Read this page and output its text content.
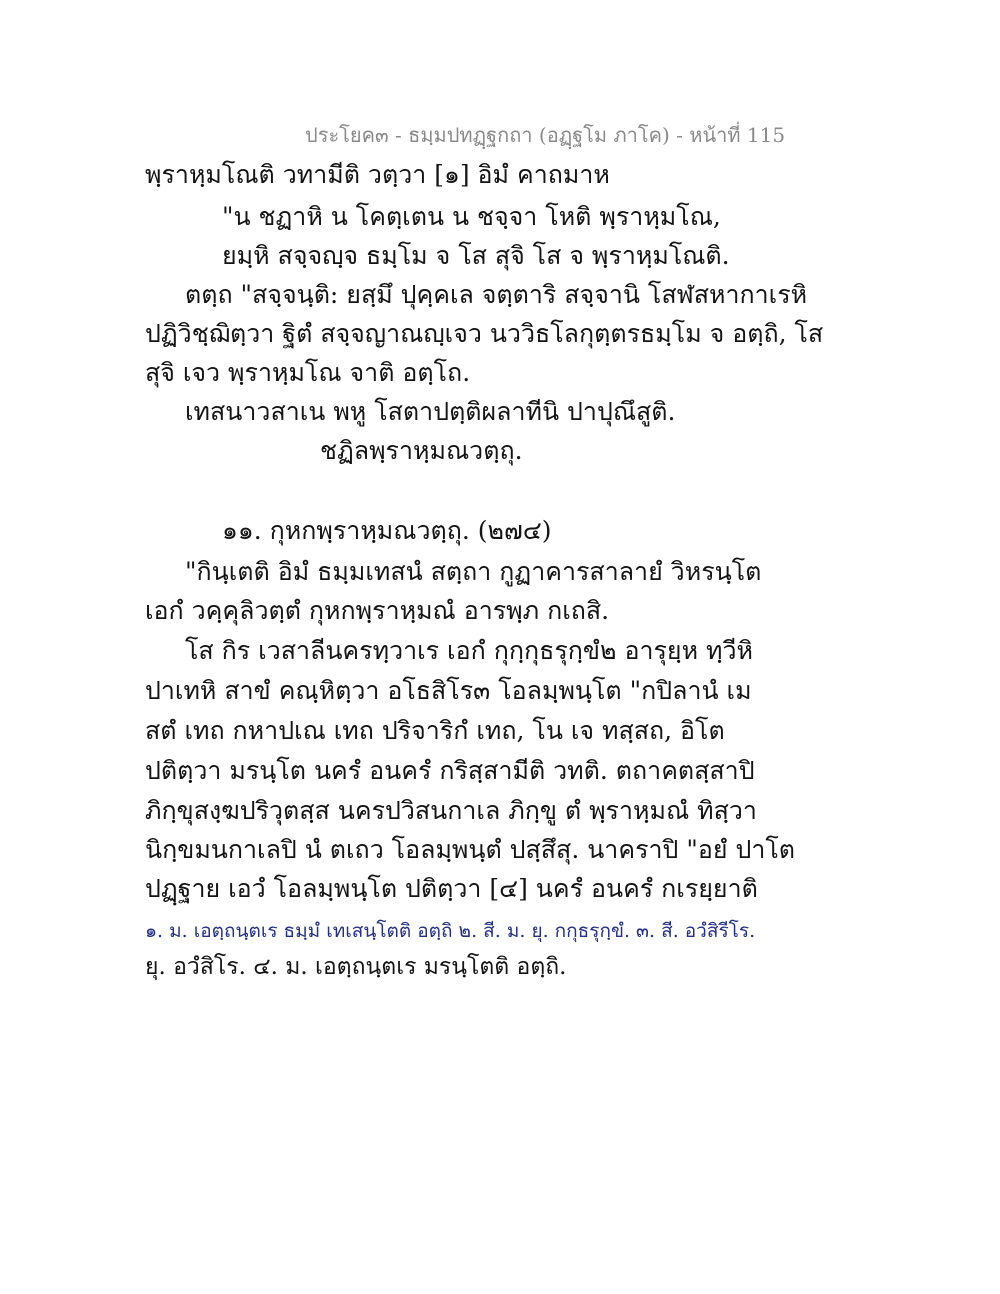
ประโยค๓ - ธมฺมปทฏฺฐกถา (อฏฺฐโม ภาโค) - หน้าที่ 115
พฺราหฺมโณติ วทามีติ วตฺวา [๑] อิมํ คาถมาห
"น ชฏาหิ น โคตฺเตน น ชจฺจา โหติ พฺราหฺมโณ,
ยมฺหิ สจฺจญฺจ ธมฺโม จ โส สุจิ โส จ พฺราหฺมโณติ.
ตตฺถ "สจฺจนฺติ: ยสฺมึ ปุคฺคเล จตฺตาริ สจฺจานิ โสฬสหากาเรหิ
ปฏิวิชฺฌิตฺวา ฐิตํ สจฺจญาณญฺเจว นววิธโลกุตฺตรธมฺโม จ อตฺถิ, โส
สุจิ เจว พฺราหฺมโณ จาติ อตฺโถ.
เทสนาวสาเน พหู โสตาปตฺติผลาทีนิ ปาปุณึสูติ.
ชฏิลพฺราหฺมณวตฺถุ.
๑๑. กุหกพฺราหฺมณวตฺถุ. (๒๗๔)
"กินฺเตติ อิมํ ธมฺมเทสนํ สตฺถา กูฏาคารสาลายํ วิหรนฺโต
เอกํ วคฺคุลิวตฺตํ กุหกพฺราหฺมณํ อารพฺภ กเถสิ.
โส กิร เวสาลีนครทฺวาเร เอกํ กุกฺกุธรุกฺขํ๒ อารุยฺห ทฺวีหิ
ปาเทหิ สาขํ คณฺหิตฺวา อโธสิโร๓ โอลมฺพนฺโต "กปิลานํ เม
สตํ เทถ กหาปเณ เทถ ปริจาริกํ เทถ, โน เจ ทสฺสถ, อิโต
ปติตฺวา มรนฺโต นครํ อนครํ กริสฺสามีติ วทติ. ตถาคตสฺสาปิ
ภิกฺขุสงฺฆปริวุตสฺส นครปวิสนกาเล ภิกฺขู ตํ พฺราหฺมณํ ทิสฺวา
นิกฺขมนกาเลปิ นํ ตเถว โอลมฺพนฺตํ ปสฺสึสุ. นาคราปิ "อยํ ปาโต
ปฏฺฐาย เอวํ โอลมฺพนฺโต ปติตฺวา [๔] นครํ อนครํ กเรยฺยาติ
๑. ม. เอตฺถนฺตเร ธมฺมํ เทเสนฺโตติ อตฺถิ ๒. สี. ม. ยุ. กกุธรุกฺขํ. ๓. สี. อวํสิรีโร.
ยุ. อวํสิโร. ๔. ม. เอตฺถนฺตเร มรนฺโตติ อตฺถิ.
